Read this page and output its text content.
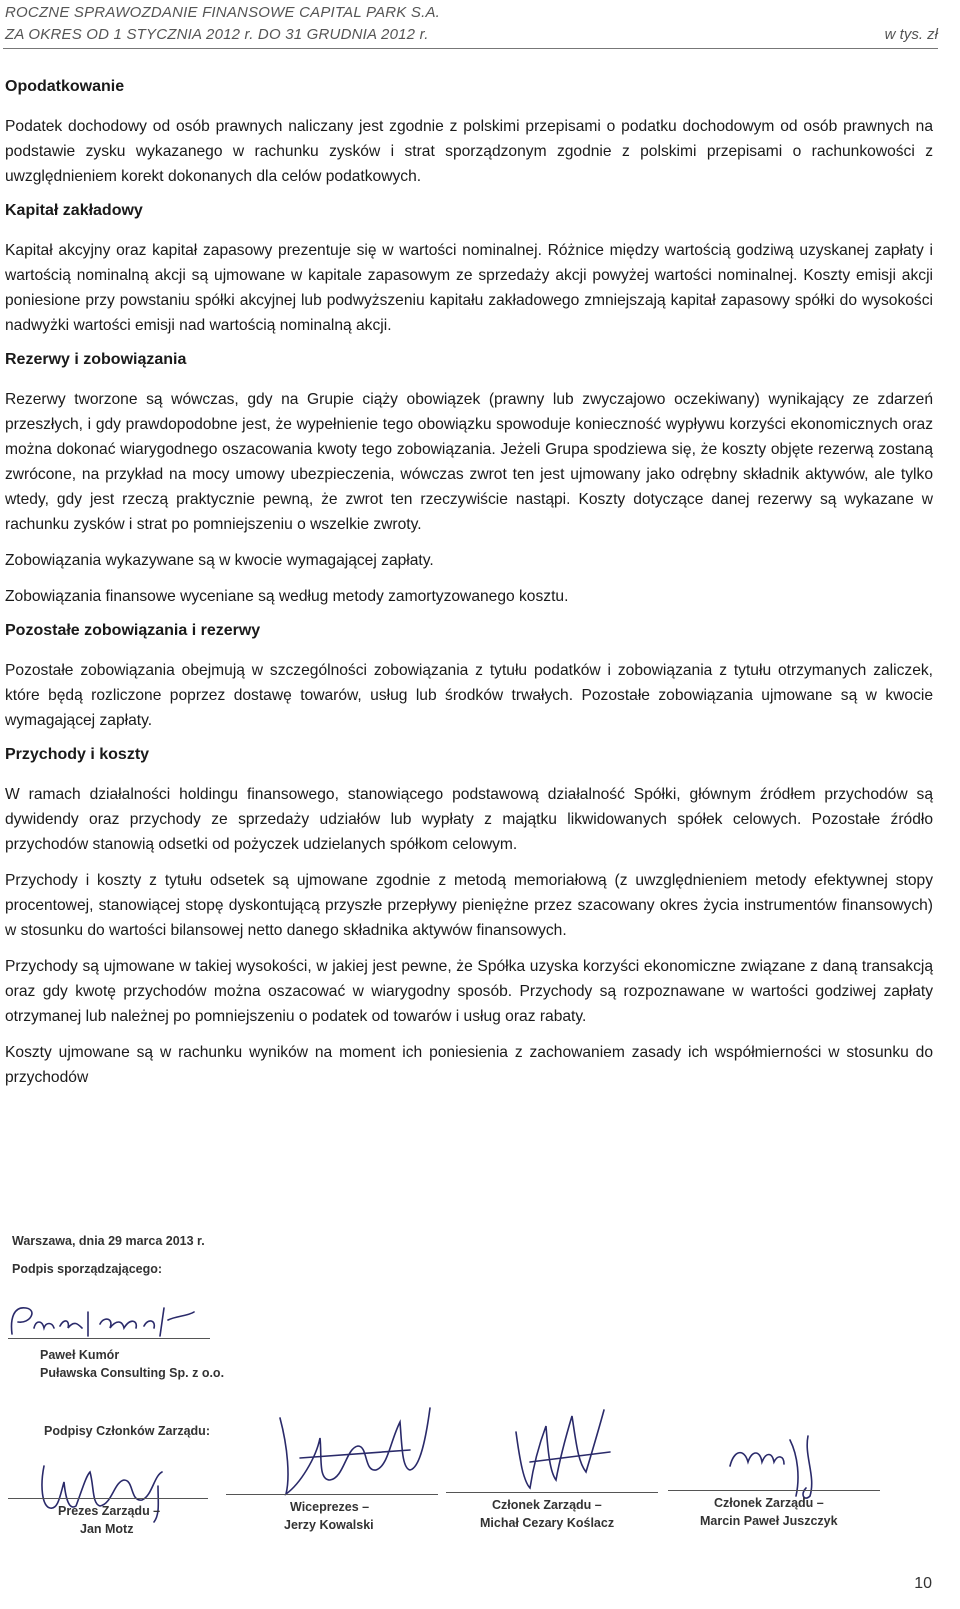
ROCZNE SPRAWOZDANIE FINANSOWE CAPITAL PARK S.A.
ZA OKRES OD 1 STYCZNIA 2012 r. DO 31 GRUDNIA 2012 r.	w tys. zł
Opodatkowanie

Podatek dochodowy od osób prawnych naliczany jest zgodnie z polskimi przepisami o podatku dochodowym od osób prawnych na podstawie zysku wykazanego w rachunku zysków i strat sporządzonym zgodnie z polskimi przepisami o rachunkowości z uwzględnieniem korekt dokonanych dla celów podatkowych.

Kapitał zakładowy

Kapitał akcyjny oraz kapitał zapasowy prezentuje się w wartości nominalnej. Różnice między wartością godziwą uzyskanej zapłaty i wartością nominalną akcji są ujmowane w kapitale zapasowym ze sprzedaży akcji powyżej wartości nominalnej. Koszty emisji akcji poniesione przy powstaniu spółki akcyjnej lub podwyższeniu kapitału zakładowego zmniejszają kapitał zapasowy spółki do wysokości nadwyżki wartości emisji nad wartością nominalną akcji.

Rezerwy i zobowiązania

Rezerwy tworzone są wówczas, gdy na Grupie ciąży obowiązek (prawny lub zwyczajowo oczekiwany) wynikający ze zdarzeń przeszłych, i gdy prawdopodobne jest, że wypełnienie tego obowiązku spowoduje konieczność wypływu korzyści ekonomicznych oraz można dokonać wiarygodnego oszacowania kwoty tego zobowiązania. Jeżeli Grupa spodziewa się, że koszty objęte rezerwą zostaną zwrócone, na przykład na mocy umowy ubezpieczenia, wówczas zwrot ten jest ujmowany jako odrębny składnik aktywów, ale tylko wtedy, gdy jest rzeczą praktycznie pewną, że zwrot ten rzeczywiście nastąpi. Koszty dotyczące danej rezerwy są wykazane w rachunku zysków i strat po pomniejszeniu o wszelkie zwroty.

Zobowiązania wykazywane są w kwocie wymagającej zapłaty.

Zobowiązania finansowe wyceniane są według metody zamortyzowanego kosztu.

Pozostałe zobowiązania i rezerwy

Pozostałe zobowiązania obejmują w szczególności zobowiązania z tytułu podatków i zobowiązania z tytułu otrzymanych zaliczek, które będą rozliczone poprzez dostawę towarów, usług lub środków trwałych. Pozostałe zobowiązania ujmowane są w kwocie wymagającej zapłaty.

Przychody i koszty

W ramach działalności holdingu finansowego, stanowiącego podstawową działalność Spółki, głównym źródłem przychodów są dywidendy oraz przychody ze sprzedaży udziałów lub wypłaty z majątku likwidowanych spółek celowych. Pozostałe źródło przychodów stanowią odsetki od pożyczek udzielanych spółkom celowym.

Przychody i koszty z tytułu odsetek są ujmowane zgodnie z metodą memoriałową (z uwzględnieniem metody efektywnej stopy procentowej, stanowiącej stopę dyskontującą przyszłe przepływy pieniężne przez szacowany okres życia instrumentów finansowych) w stosunku do wartości bilansowej netto danego składnika aktywów finansowych.

Przychody są ujmowane w takiej wysokości, w jakiej jest pewne, że Spółka uzyska korzyści ekonomiczne związane z daną transakcją oraz gdy kwotę przychodów można oszacować w wiarygodny sposób. Przychody są rozpoznawane w wartości godziwej zapłaty otrzymanej lub należnej po pomniejszeniu o podatek od towarów i usług oraz rabaty.

Koszty ujmowane są w rachunku wyników na moment ich poniesienia z zachowaniem zasady ich współmierności w stosunku do przychodów

Warszawa, dnia 29 marca 2013 r.
Podpis sporządzającego:
Paweł Kumór
Puławska Consulting Sp. z o.o.
Podpisy Członków Zarządu:
Prezes Zarządu –
Jan Motz
Wiceprezes –
Jerzy Kowalski
Członek Zarządu –
Michał Cezary Koślacz
Członek Zarządu –
Marcin Paweł Juszczyk
10
